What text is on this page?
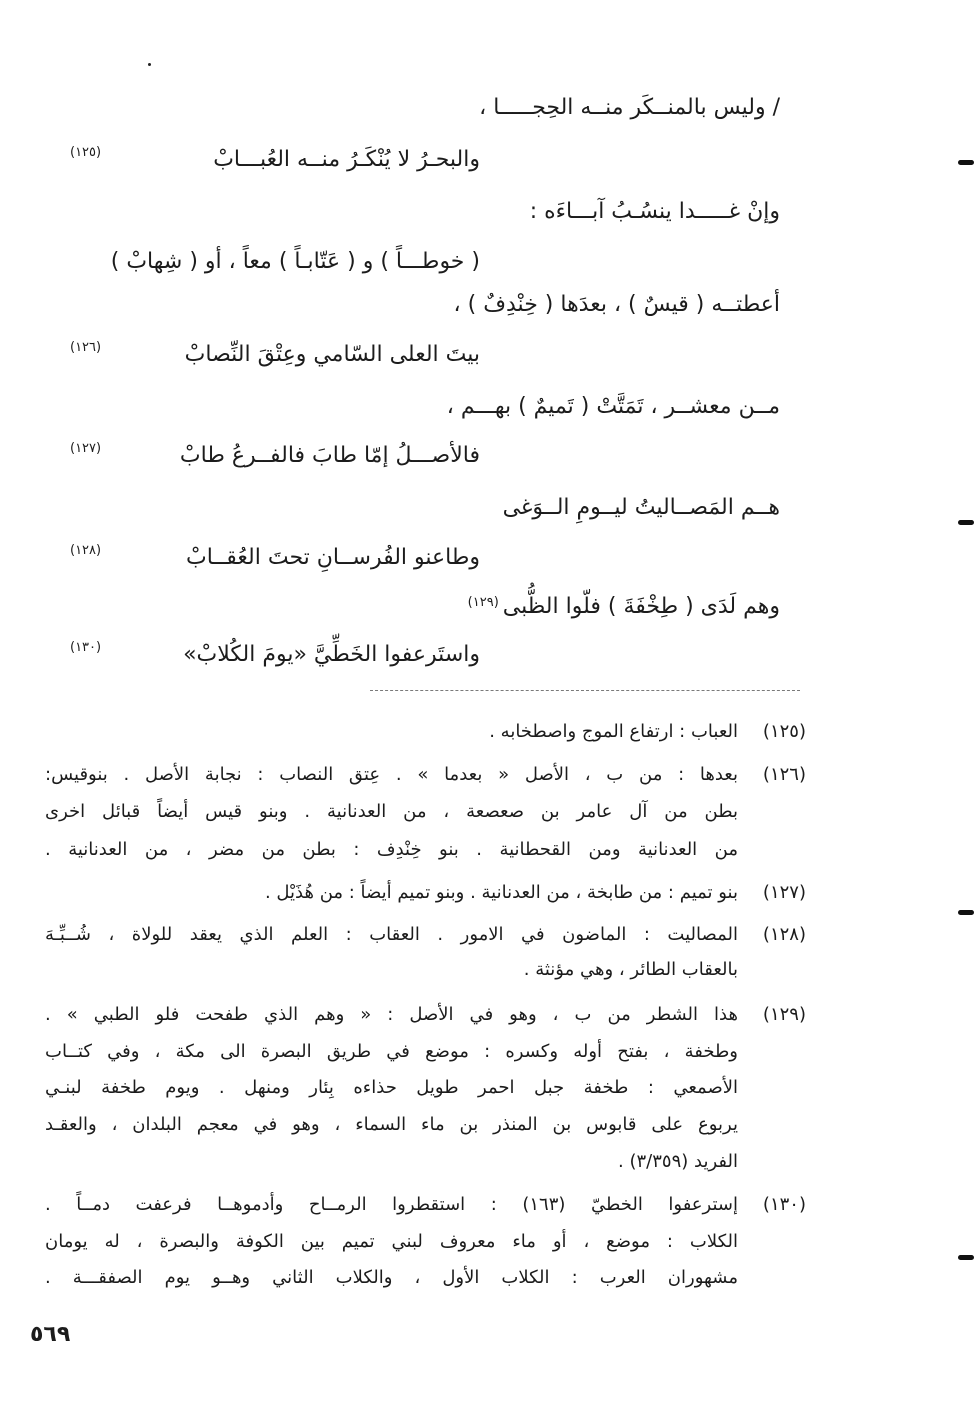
/ وليس بالمنــكَر منــه الحِجـــــا ،
والبحـرُ لا يُنْكَـرُ منــه العُبـــابْ
(١٢٥)
وإنْ غـــــدا ينسُـبُ آبـــاءَه :
( خوطـــاً ) و ( عَتّابـاً ) معاً ، أو ( شِهابْ )
أعطتــه ( قيسٌ ) ، بعدَها ( خِنْدِفٌ ) ،
بيتَ العلى السّامي وعِتْقَ النِّصابْ
(١٢٦)
مــن معشــر ، تَمَتَّتْ ( تَميمٌ ) بهـــم ،
فالأصـــلُ إمّا طابَ فالفــرعُ طابْ
(١٢٧)
هــم المَصــاليتُ ليــومِ الــوَغى
وطاعنو الفُرســانِ تحتَ العُقــابْ
(١٢٨)
وهم لَدَى ( طِخْفَةَ ) فلّوا الظُّبى$^{(١٢٩)}$
واستَرعفوا الخَطِّيَّ «يومَ الكُلابْ»
(١٣٠)
(١٢٥)
العباب : ارتفاع الموج واصطخابه .
(١٢٦)
بعدها : من ب ، الأصل « بعدما » . عِتق النصاب : نجابة الأصل . بنوقيس:
بطن من آل عامر بن صعصعة ، من العدنانية . وبنو قيس أيضاً قبائل اخرى
من العدنانية ومن القحطانية . بنو خِنْدِف : بطن من مضر ، من العدنانية .
(١٢٧)
بنو تميم : من طابخة ، من العدنانية . وبنو تميم أيضاً : من هُذَيْل .
(١٢٨)
المصاليت : الماضون في الامور . العقاب : العلم الذي يعقد للولاة ، شُــبِّـهَ
بالعقاب الطائر ، وهي مؤنثة .
(١٢٩)
هذا الشطر من ب ، وهو في الأصل : « وهم الذي طفحت فلو الطبي » .
وطخفة ، بفتح أوله وكسره : موضع في طريق البصرة الى مكة ، وفي كتــاب
الأصمعي : طخفة جبل احمر طويل حذاءه بِئار ومنهل . ويوم طخفة لبنـي
يربوع على قابوس بن المنذر بن ماء السماء ، وهو في معجم البلدان ، والعقـد
الفريد (٣/٣٥٩) .
(١٣٠)
إسترعفوا الخطيّ (١٦٣) : استقطروا الرمــاح وأدموهــا فرعفت دمــاً .
الكلاب : موضع ، أو ماء معروف لبني تميم بين الكوفة والبصرة ، له يومان
مشهوران العرب : الكلاب الأول ، والكلاب الثاني وهــو يوم الصفقـــة .
٥٦٩
